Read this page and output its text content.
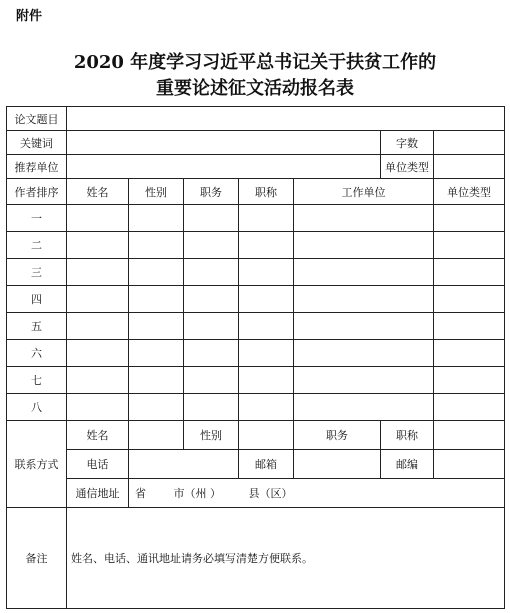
附件
2020 年度学习习近平总书记关于扶贫工作的
重要论述征文活动报名表
论文题目							
关键词						字数	
推荐单位						单位类型	
作者排序	姓名	性别	职务	职称	工作单位		单位类型
一							
二							
三							
四							
五							
六							
七							
八							
联系方式	姓名		性别		职务	职称	
	电话			邮箱		邮编	
	通信地址	省 市（州 ） 县（区）					
备注	姓名、电话、通讯地址请务必填写清楚方便联系。						
